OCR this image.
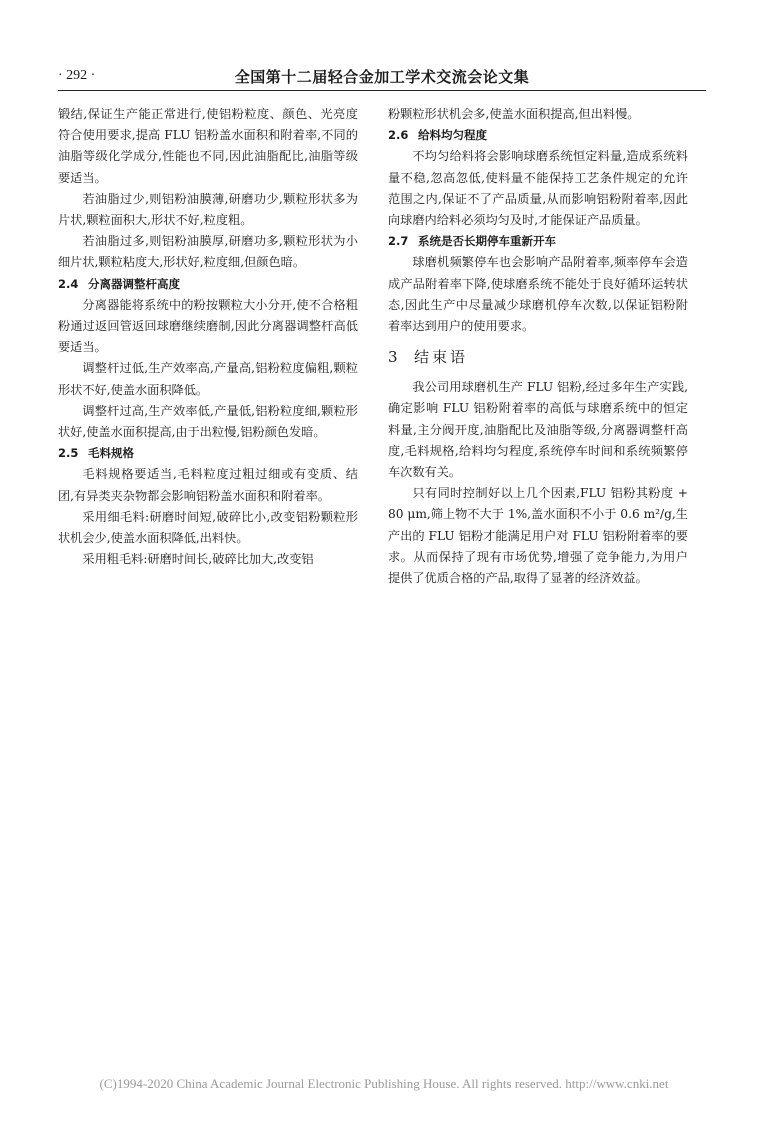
· 292 ·	全国第十二届轻合金加工学术交流会论文集

锻结,保证生产能正常进行,使铝粉粒度、颜色、光亮度符合使用要求,提高 FLU 铝粉盖水面积和附着率,不同的油脂等级化学成分,性能也不同,因此油脂配比,油脂等级要适当。

若油脂过少,则铝粉油膜薄,研磨功少,颗粒形状多为片状,颗粒面积大,形状不好,粒度粗。

若油脂过多,则铝粉油膜厚,研磨功多,颗粒形状为小细片状,颗粒粘度大,形状好,粒度细,但颜色暗。

2.4 分离器调整杆高度

分离器能将系统中的粉按颗粒大小分开,使不合格粗粉通过返回管返回球磨继续磨制,因此分离器调整杆高低要适当。

调整杆过低,生产效率高,产量高,铝粉粒度偏粗,颗粒形状不好,使盖水面积降低。

调整杆过高,生产效率低,产量低,铝粉粒度细,颗粒形状好,使盖水面积提高,由于出粒慢,铝粉颜色发暗。

2.5 毛料规格

毛料规格要适当,毛料粒度过粗过细或有变质、结团,有异类夹杂物都会影响铝粉盖水面积和附着率。

采用细毛料:研磨时间短,破碎比小,改变铝粉颗粒形状机会少,使盖水面积降低,出料快。

采用粗毛料:研磨时间长,破碎比加大,改变铝

粉颗粒形状机会多,使盖水面积提高,但出料慢。

2.6 给料均匀程度

不均匀给料将会影响球磨系统恒定料量,造成系统料量不稳,忽高忽低,使料量不能保持工艺条件规定的允许范围之内,保证不了产品质量,从而影响铝粉附着率,因此向球磨内给料必须均匀及时,才能保证产品质量。

2.7 系统是否长期停车重新开车

球磨机频繁停车也会影响产品附着率,频率停车会造成产品附着率下降,使球磨系统不能处于良好循环运转状态,因此生产中尽量减少球磨机停车次数,以保证铝粉附着率达到用户的使用要求。

3 结束语

我公司用球磨机生产 FLU 铝粉,经过多年生产实践,确定影响 FLU 铝粉附着率的高低与球磨系统中的恒定料量,主分阀开度,油脂配比及油脂等级,分离器调整杆高度,毛料规格,给料均匀程度,系统停车时间和系统频繁停车次数有关。

只有同时控制好以上几个因素,FLU 铝粉其粉度 + 80 μm,筛上物不大于 1%,盖水面积不小于 0.6 m²/g,生产出的 FLU 铝粉才能满足用户对 FLU 铝粉附着率的要求。从而保持了现有市场优势,增强了竞争能力,为用户提供了优质合格的产品,取得了显著的经济效益。

(C)1994-2020 China Academic Journal Electronic Publishing House. All rights reserved. http://www.cnki.net
